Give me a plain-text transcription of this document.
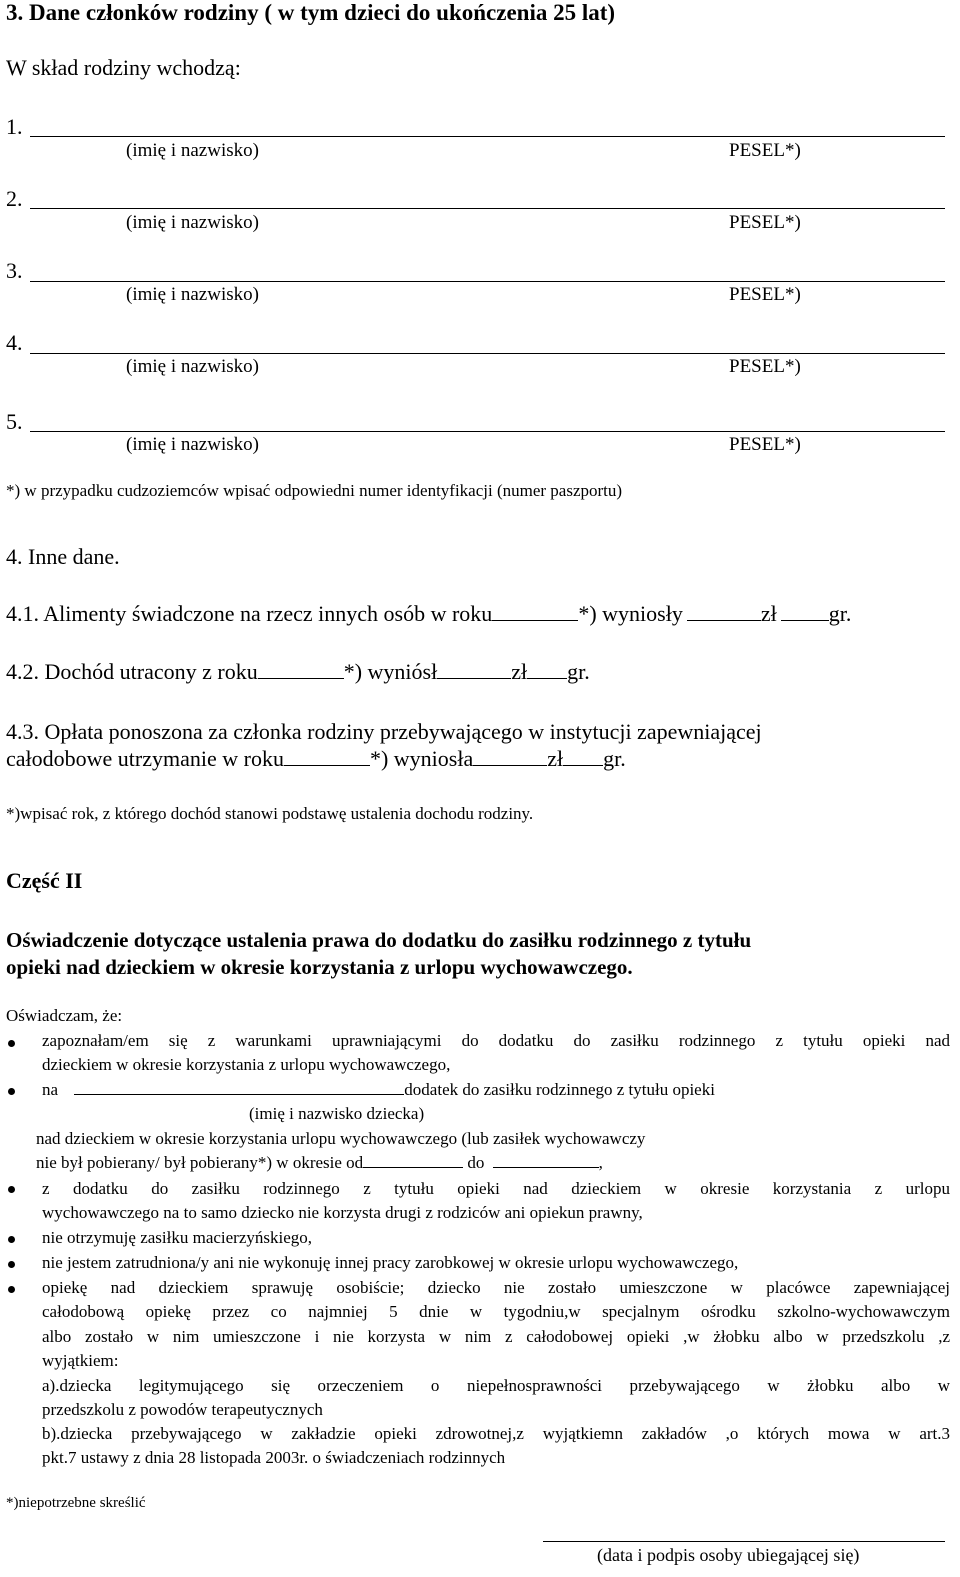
3. Dane członków rodziny ( w tym dzieci do ukończenia 25 lat)
W skład rodziny wchodzą:
1.
(imię i nazwisko)	PESEL*)
2.
(imię i nazwisko)	PESEL*)
3.
(imię i nazwisko)	PESEL*)
4.
(imię i nazwisko)	PESEL*)
5.
(imię i nazwisko)	PESEL*)
*) w przypadku cudzoziemców wpisać odpowiedni numer identyfikacji (numer paszportu)
4. Inne dane.
4.1. Alimenty świadczone na rzecz innych osób w roku	*) wyniosły	zł gr.
4.2. Dochód utracony z roku	*) wyniósł	zł gr.
4.3. Opłata ponoszona za członka rodziny przebywającego w instytucji zapewniającej
całodobowe utrzymanie w roku	*) wyniosła	zł gr.
*)wpisać rok, z którego dochód stanowi podstawę ustalenia dochodu rodziny.
Część II
Oświadczenie dotyczące ustalenia prawa do dodatku do zasiłku rodzinnego z tytułu
opieki nad dzieckiem w okresie korzystania z urlopu wychowawczego.
Oświadczam, że:
zapoznałam/em się z warunkami uprawniającymi do dodatku do zasiłku rodzinnego z tytułu opieki nad
dzieckiem w okresie korzystania z urlopu wychowawczego,
na	dodatek do zasiłku rodzinnego z tytułu opieki
(imię i nazwisko dziecka)
nad dzieckiem w okresie korzystania urlopu wychowawczego (lub zasiłek wychowawczy
nie był pobierany/ był pobierany*) w okresie od	do	,
z dodatku do zasiłku rodzinnego z tytułu opieki nad dzieckiem w okresie korzystania z urlopu
wychowawczego na to samo dziecko nie korzysta drugi z rodziców ani opiekun prawny,
nie otrzymuję zasiłku macierzyńskiego,
nie jestem zatrudniona/y ani nie wykonuję innej pracy zarobkowej w okresie urlopu wychowawczego,
opiekę nad dzieckiem sprawuję osobiście; dziecko nie zostało umieszczone w placówce zapewniającej
całodobową opiekę przez co najmniej 5 dnie w tygodniu,w specjalnym ośrodku szkolno-wychowawczym
albo zostało w nim umieszczone i nie korzysta w nim z całodobowej opieki ,w żłobku albo w przedszkolu ,z
wyjątkiem:
a).dziecka legitymującego się orzeczeniem o niepełnosprawności przebywającego w żłobku albo w
przedszkolu z powodów terapeutycznych
b).dziecka przebywającego w zakładzie opieki zdrowotnej,z wyjątkiemn zakładów ,o których mowa w art.3
pkt.7 ustawy z dnia 28 listopada 2003r. o świadczeniach rodzinnych
*)niepotrzebne skreślić
(data i podpis osoby ubiegającej się)
